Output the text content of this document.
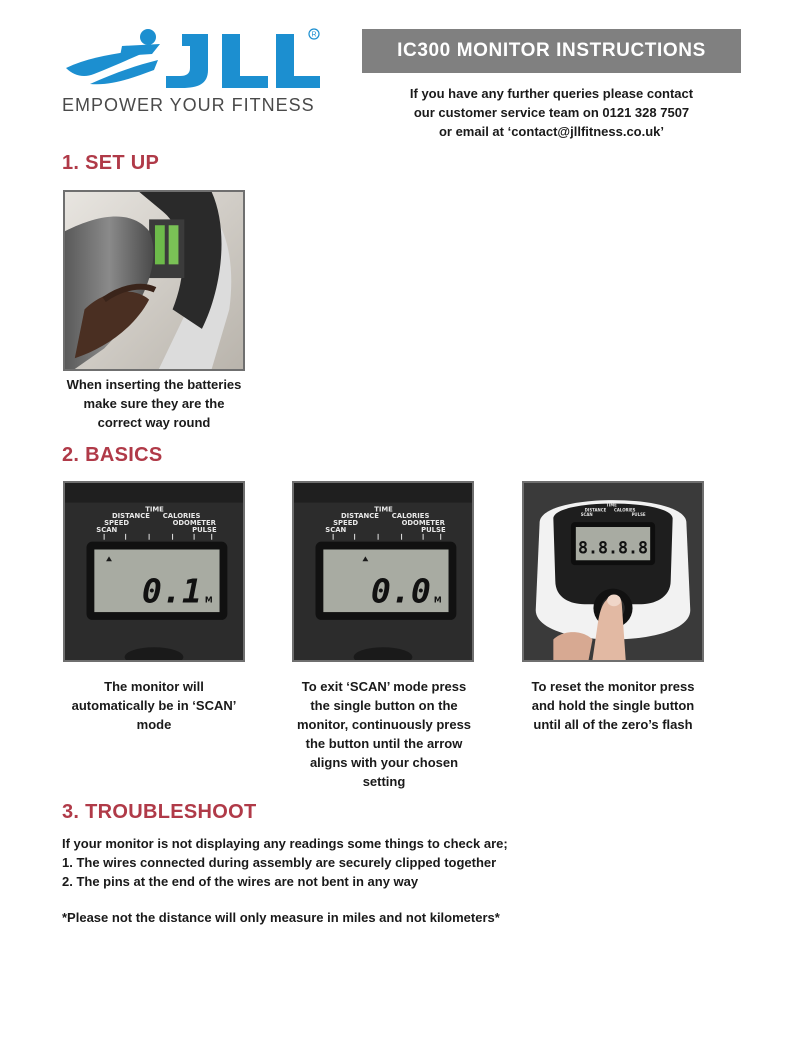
R
EMPOWER YOUR FITNESS
IC300 MONITOR INSTRUCTIONS
If you have any further queries please contact
our customer service team on 0121 328 7507
or email at ‘contact@jllfitness.co.uk’
1. SET UP
When inserting the batteries
make sure they are the
correct way round
2. BASICS
TIME
DISTANCE CALORIES
SPEED	ODOMETER
SCAN	PULSE
0.1 M
TIME
DISTANCE CALORIES
SPEED	ODOMETER
SCAN	PULSE
0.0 M
TIME
DISTANCE CALORIES
SCAN	PULSE
8.8.8.8
The monitor will
automatically be in ‘SCAN’
mode
To exit ‘SCAN’ mode press
the single button on the
monitor, continuously press
the button until the arrow
aligns with your chosen
setting
To reset the monitor press
and hold the single button
until all of the zero’s flash
3. TROUBLESHOOT
If your monitor is not displaying any readings some things to check are;
1. The wires connected during assembly are securely clipped together
2. The pins at the end of the wires are not bent in any way
*Please not the distance will only measure in miles and not kilometers*
